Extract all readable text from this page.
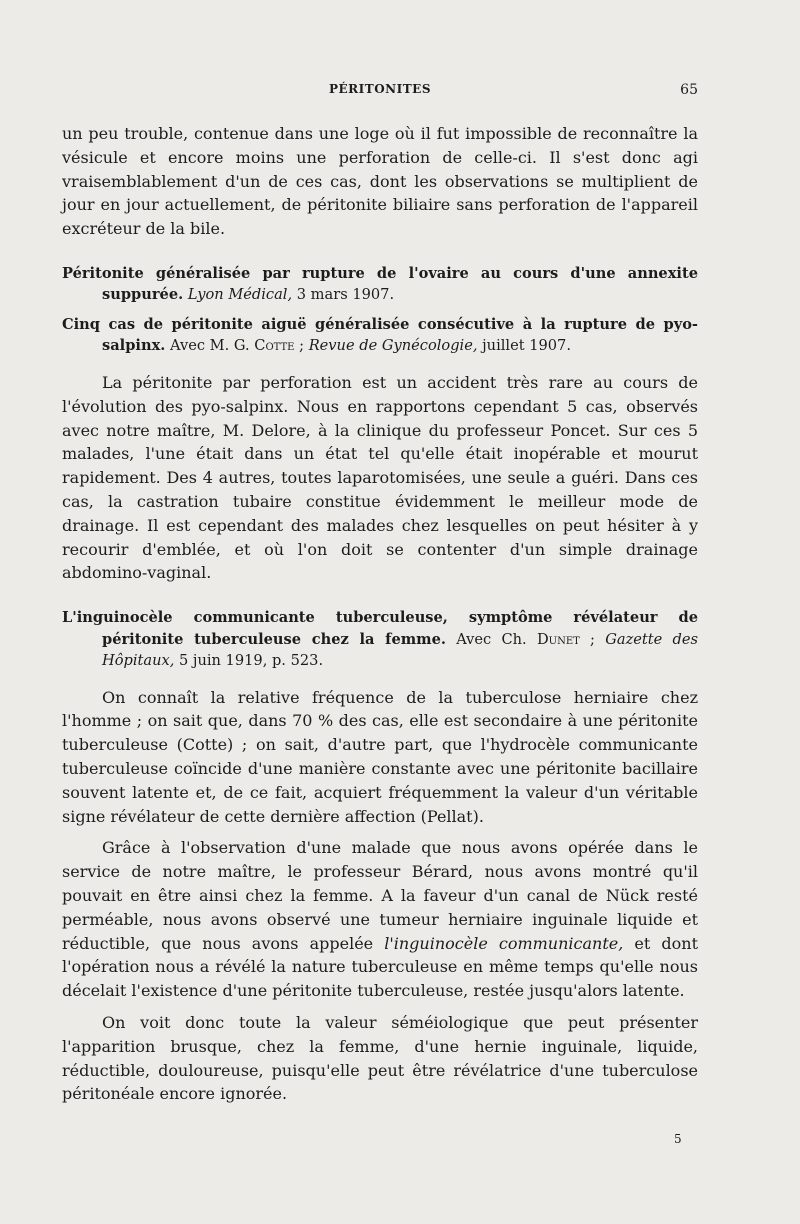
PÉRITONITES	65

un peu trouble, contenue dans une loge où il fut impossible de reconnaître la vésicule et encore moins une perforation de celle-ci. Il s'est donc agi vraisemblablement d'un de ces cas, dont les observations se multiplient de jour en jour actuellement, de péritonite biliaire sans perforation de l'appareil excréteur de la bile.

Péritonite généralisée par rupture de l'ovaire au cours d'une annexite suppurée. Lyon Médical, 3 mars 1907.

Cinq cas de péritonite aiguë généralisée consécutive à la rupture de pyo-salpinx. Avec M. G. Cotte ; Revue de Gynécologie, juillet 1907.

La péritonite par perforation est un accident très rare au cours de l'évolution des pyo-salpinx. Nous en rapportons cependant 5 cas, observés avec notre maître, M. Delore, à la clinique du professeur Poncet. Sur ces 5 malades, l'une était dans un état tel qu'elle était inopérable et mourut rapidement. Des 4 autres, toutes laparotomisées, une seule a guéri. Dans ces cas, la castration tubaire constitue évidemment le meilleur mode de drainage. Il est cependant des malades chez lesquelles on peut hésiter à y recourir d'emblée, et où l'on doit se contenter d'un simple drainage abdomino-vaginal.

L'inguinocèle communicante tuberculeuse, symptôme révélateur de péritonite tuberculeuse chez la femme. Avec Ch. Dunet ; Gazette des Hôpitaux, 5 juin 1919, p. 523.

On connaît la relative fréquence de la tuberculose herniaire chez l'homme ; on sait que, dans 70 % des cas, elle est secondaire à une péritonite tuberculeuse (Cotte) ; on sait, d'autre part, que l'hydrocèle communicante tuberculeuse coïncide d'une manière constante avec une péritonite bacillaire souvent latente et, de ce fait, acquiert fréquemment la valeur d'un véritable signe révélateur de cette dernière affection (Pellat).

Grâce à l'observation d'une malade que nous avons opérée dans le service de notre maître, le professeur Bérard, nous avons montré qu'il pouvait en être ainsi chez la femme. A la faveur d'un canal de Nück resté perméable, nous avons observé une tumeur herniaire inguinale liquide et réductible, que nous avons appelée l'inguinocèle communicante, et dont l'opération nous a révélé la nature tuberculeuse en même temps qu'elle nous décelait l'existence d'une péritonite tuberculeuse, restée jusqu'alors latente.

On voit donc toute la valeur séméiologique que peut présenter l'apparition brusque, chez la femme, d'une hernie inguinale, liquide, réductible, douloureuse, puisqu'elle peut être révélatrice d'une tuberculose péritonéale encore ignorée.

5
